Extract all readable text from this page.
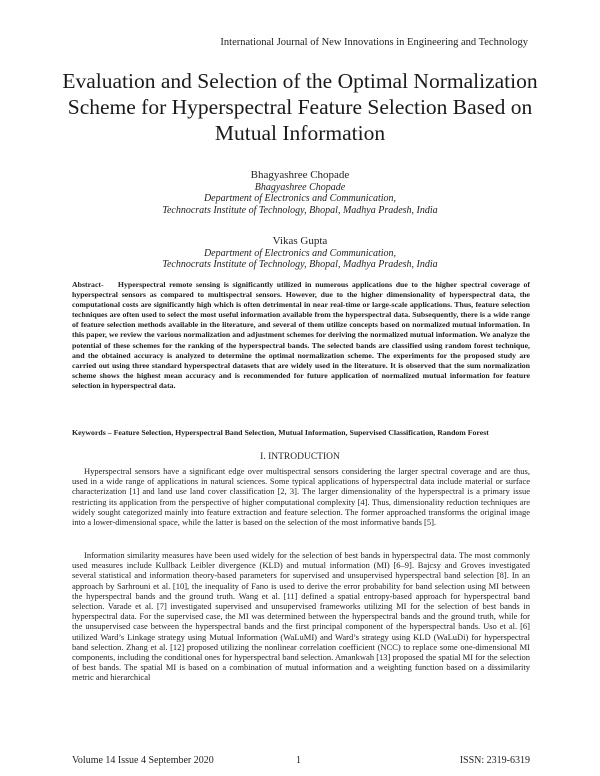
International Journal of New Innovations in Engineering and Technology
Evaluation and Selection of the Optimal Normalization Scheme for Hyperspectral Feature Selection Based on Mutual Information
Bhagyashree Chopade
Bhagyashree Chopade
Department of Electronics and Communication,
Technocrats Institute of Technology, Bhopal, Madhya Pradesh, India
Vikas Gupta
Department of Electronics and Communication,
Technocrats Institute of Technology, Bhopal, Madhya Pradesh, India
Abstract- Hyperspectral remote sensing is significantly utilized in numerous applications due to the higher spectral coverage of hyperspectral sensors as compared to multispectral sensors. However, due to the higher dimensionality of hyperspectral data, the computational costs are significantly high which is often detrimental in near real-time or large-scale applications. Thus, feature selection techniques are often used to select the most useful information available from the hyperspectral data. Subsequently, there is a wide range of feature selection methods available in the literature, and several of them utilize concepts based on normalized mutual information. In this paper, we review the various normalization and adjustment schemes for deriving the normalized mutual information. We analyze the potential of these schemes for the ranking of the hyperspectral bands. The selected bands are classified using random forest technique, and the obtained accuracy is analyzed to determine the optimal normalization scheme. The experiments for the proposed study are carried out using three standard hyperspectral datasets that are widely used in the literature. It is observed that the sum normalization scheme shows the highest mean accuracy and is recommended for future application of normalized mutual information for feature selection in hyperspectral data.
Keywords – Feature Selection, Hyperspectral Band Selection, Mutual Information, Supervised Classification, Random Forest
I. INTRODUCTION

Hyperspectral sensors have a significant edge over multispectral sensors considering the larger spectral coverage and are thus, used in a wide range of applications in natural sciences. Some typical applications of hyperspectral data include material or surface characterization [1] and land use land cover classification [2, 3]. The larger dimensionality of the hyperspectral is a primary issue restricting its application from the perspective of higher computational complexity [4]. Thus, dimensionality reduction techniques are widely sought categorized mainly into feature extraction and feature selection. The former approached transforms the original image into a lower-dimensional space, while the latter is based on the selection of the most informative bands [5].

Information similarity measures have been used widely for the selection of best bands in hyperspectral data. The most commonly used measures include Kullback Leibler divergence (KLD) and mutual information (MI) [6–9]. Bajcsy and Groves investigated several statistical and information theory-based parameters for supervised and unsupervised hyperspectral band selection [8]. In an approach by Sarhrouni et al. [10], the inequality of Fano is used to derive the error probability for band selection using MI between the hyperspectral bands and the ground truth. Wang et al. [11] defined a spatial entropy-based approach for hyperspectral band selection. Varade et al. [7] investigated supervised and unsupervised frameworks utilizing MI for the selection of best bands in hyperspectral data. For the supervised case, the MI was determined between the hyperspectral bands and the ground truth, while for the unsupervised case between the hyperspectral bands and the first principal component of the hyperspectral bands. Uso et al. [6] utilized Ward’s Linkage strategy using Mutual Information (WaLuMI) and Ward’s strategy using KLD (WaLuDi) for hyperspectral band selection. Zhang et al. [12] proposed utilizing the nonlinear correlation coefficient (NCC) to replace some one-dimensional MI components, including the conditional ones for hyperspectral band selection. Amankwah [13] proposed the spatial MI for the selection of best bands. The spatial MI is based on a combination of mutual information and a weighting function based on a dissimilarity metric and hierarchical

Volume 14 Issue 4 September 2020	1	ISSN: 2319-6319
